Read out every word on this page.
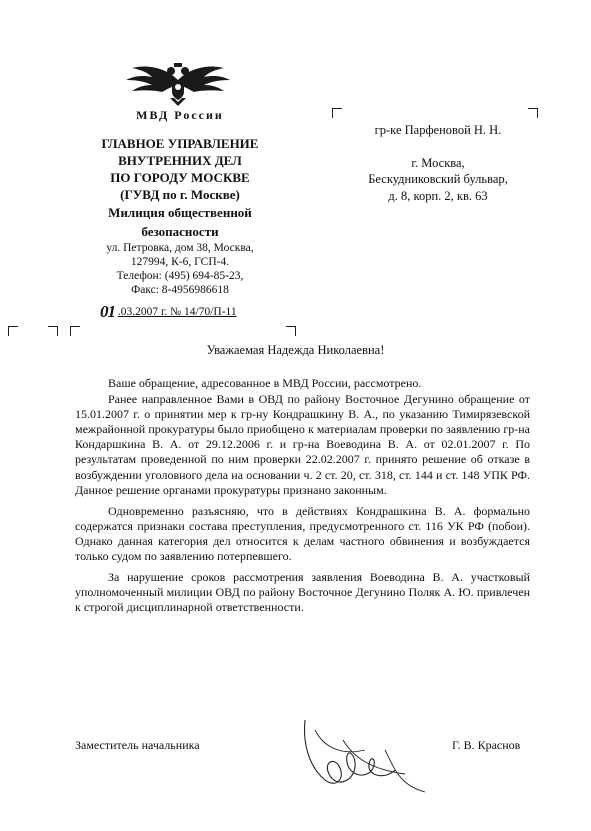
МВД России
ГЛАВНОЕ УПРАВЛЕНИЕ
ВНУТРЕННИХ ДЕЛ
ПО ГОРОДУ МОСКВЕ
(ГУВД по г. Москве)
Милиция общественной
безопасности
ул. Петровка, дом 38, Москва,
127994, К-6, ГСП-4.
Телефон: (495) 694-85-23,
Факс: 8-4956986618
01 .03.2007 г. № 14/70/П-11
гр-ке Парфеновой Н. Н.
г. Москва,
Бескудниковский бульвар,
д. 8, корп. 2, кв. 63
Уважаемая Надежда Николаевна!

Ваше обращение, адресованное в МВД России, рассмотрено.

Ранее направленное Вами в ОВД по району Восточное Дегунино обращение от 15.01.2007 г. о принятии мер к гр-ну Кондрашкину В. А., по указанию Тимирязевской межрайонной прокуратуры было приобщено к материалам проверки по заявлению гр-на Кондаршкина В. А. от 29.12.2006 г. и гр-на Воеводина В. А. от 02.01.2007 г. По результатам проведенной по ним проверки 22.02.2007 г. принято решение об отказе в возбуждении уголовного дела на основании ч. 2 ст. 20, ст. 318, ст. 144 и ст. 148 УПК РФ. Данное решение органами прокуратуры признано законным.

Одновременно разъясняю, что в действиях Кондрашкина В. А. формально содержатся признаки состава преступления, предусмотренного ст. 116 УК РФ (побои). Однако данная категория дел относится к делам частного обвинения и возбуждается только судом по заявлению потерпевшего.

За нарушение сроков рассмотрения заявления Воеводина В. А. участковый уполномоченный милиции ОВД по району Восточное Дегунино Поляк А. Ю. привлечен к строгой дисциплинарной ответственности.

Заместитель начальника	Г. В. Краснов
